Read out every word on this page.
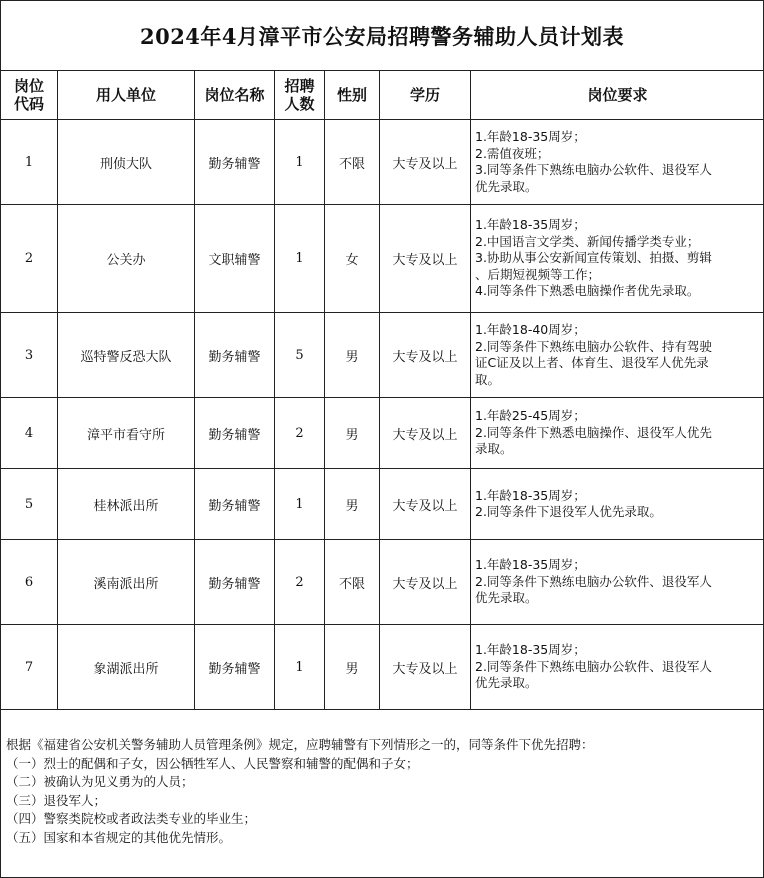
2024年4月漳平市公安局招聘警务辅助人员计划表
岗位代码	用人单位	岗位名称	招聘人数	性别	学历	岗位要求
1	刑侦大队	勤务辅警	1	不限	大专及以上	1.年龄18-35周岁；
2.需值夜班；
3.同等条件下熟练电脑办公软件、退役军人
优先录取。

2	公关办	文职辅警	1	女	大专及以上	1.年龄18-35周岁；
2.中国语言文学类、新闻传播学类专业；
3.协助从事公安新闻宣传策划、拍摄、剪辑
、后期短视频等工作；
4.同等条件下熟悉电脑操作者优先录取。

3	巡特警反恐大队	勤务辅警	5	男	大专及以上	1.年龄18-40周岁；
2.同等条件下熟练电脑办公软件、持有驾驶
证C证及以上者、体育生、退役军人优先录
取。

4	漳平市看守所	勤务辅警	2	男	大专及以上	1.年龄25-45周岁；
2.同等条件下熟悉电脑操作、退役军人优先
录取。

5	桂林派出所	勤务辅警	1	男	大专及以上	1.年龄18-35周岁；
2.同等条件下退役军人优先录取。

6	溪南派出所	勤务辅警	2	不限	大专及以上	1.年龄18-35周岁；
2.同等条件下熟练电脑办公软件、退役军人
优先录取。

7	象湖派出所	勤务辅警	1	男	大专及以上	1.年龄18-35周岁；
2.同等条件下熟练电脑办公软件、退役军人
优先录取。
根据《福建省公安机关警务辅助人员管理条例》规定，应聘辅警有下列情形之一的，同等条件下优先招聘：
（一）烈士的配偶和子女，因公牺牲军人、人民警察和辅警的配偶和子女；
（二）被确认为见义勇为的人员；
（三）退役军人；
（四）警察类院校或者政法类专业的毕业生；
（五）国家和本省规定的其他优先情形。
